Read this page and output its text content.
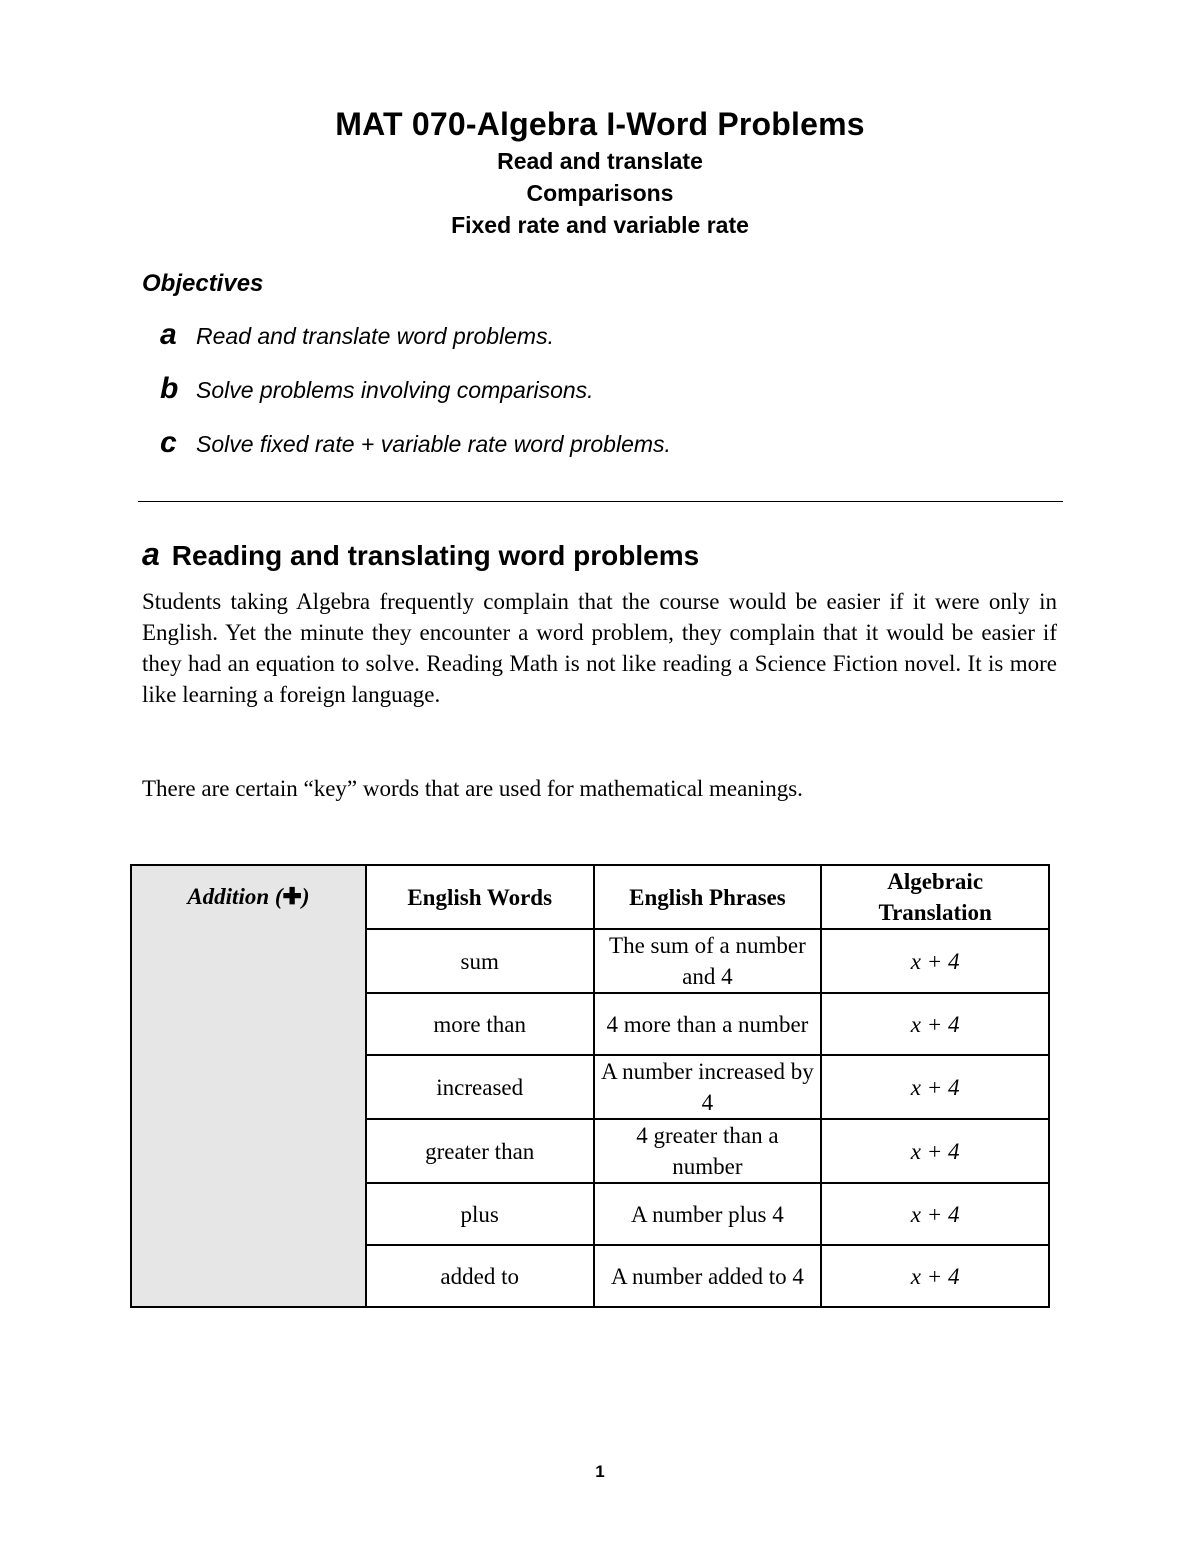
MAT 070-Algebra I-Word Problems
Read and translate
Comparisons
Fixed rate and variable rate
Objectives
a Read and translate word problems.
b Solve problems involving comparisons.
c Solve fixed rate + variable rate word problems.
a Reading and translating word problems
Students taking Algebra frequently complain that the course would be easier if it were only in English. Yet the minute they encounter a word problem, they complain that it would be easier if they had an equation to solve. Reading Math is not like reading a Science Fiction novel. It is more like learning a foreign language.
There are certain “key” words that are used for mathematical meanings.
Addition (✚)	English Words	English Phrases	Algebraic Translation
	sum	The sum of a number and 4	x + 4
	more than	4 more than a number	x + 4
	increased	A number increased by 4	x + 4
	greater than	4 greater than a number	x + 4
	plus	A number plus 4	x + 4
	added to	A number added to 4	x + 4
1
